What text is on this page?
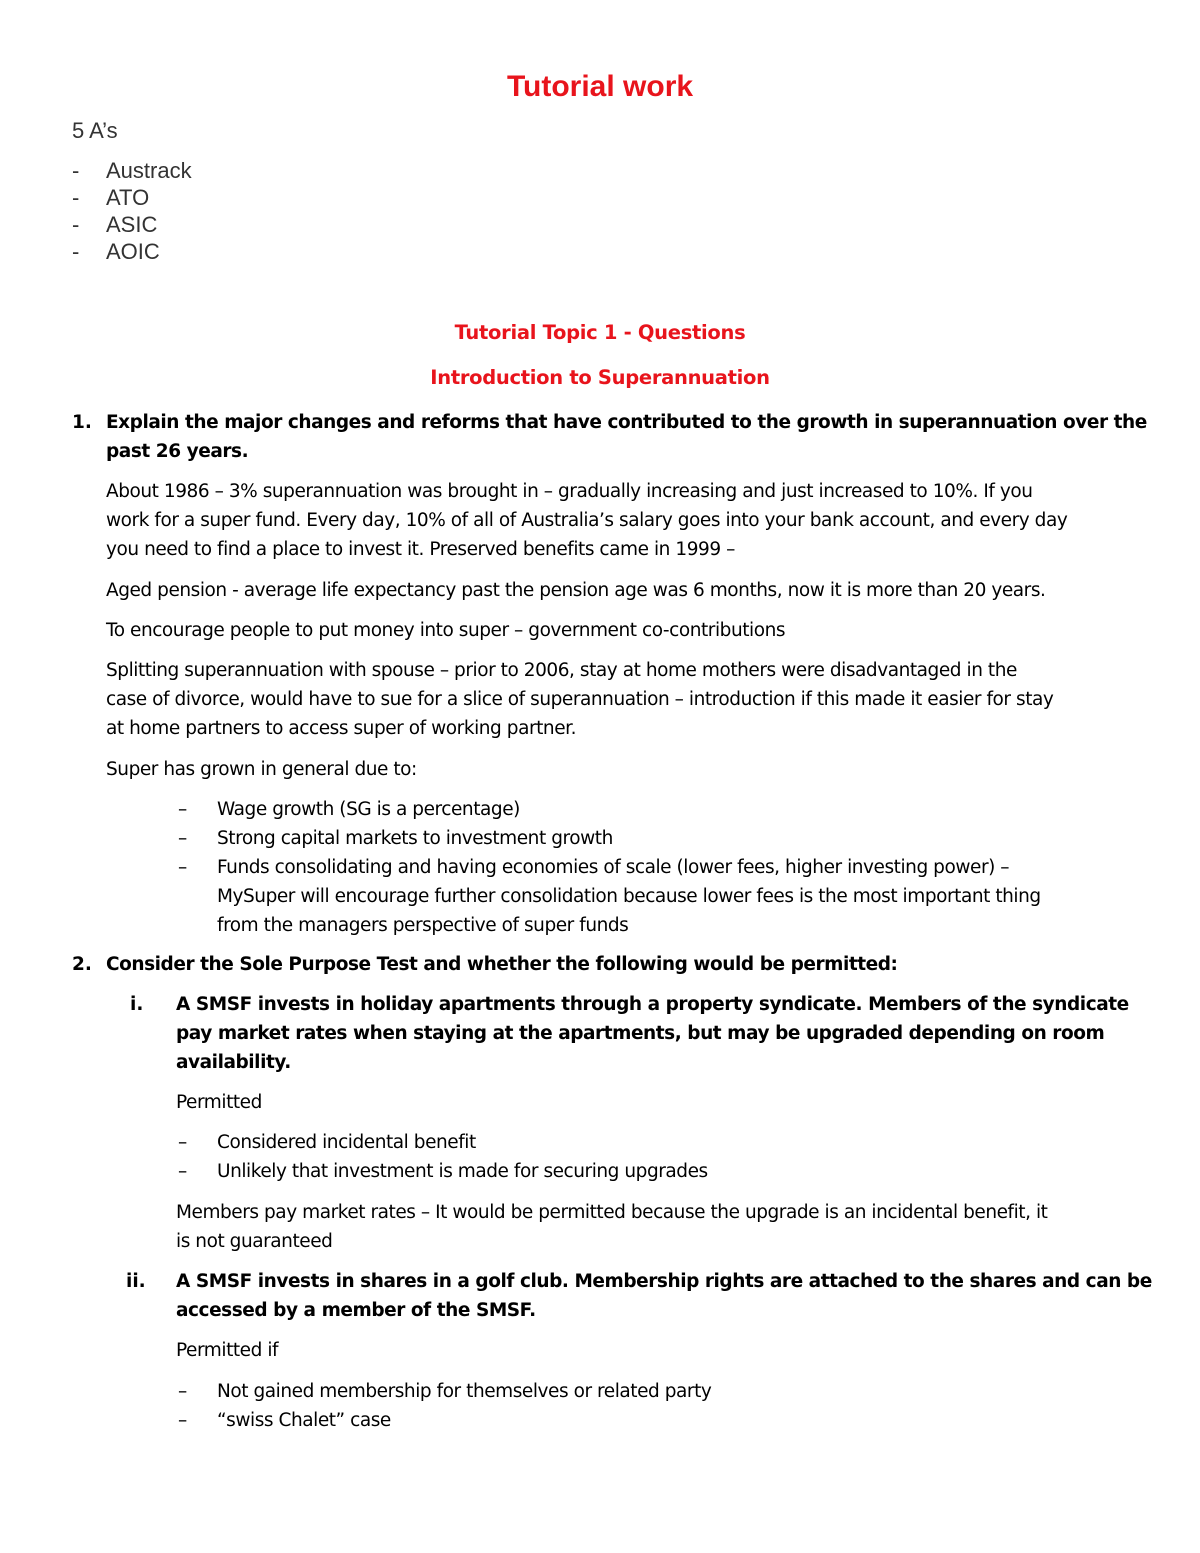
Tutorial work
5 A’s
- Austrack
- ATO
- ASIC
- AOIC
Tutorial Topic 1 - Questions
Introduction to Superannuation
1. Explain the major changes and reforms that have contributed to the growth in superannuation over the
past 26 years.
About 1986 – 3% superannuation was brought in – gradually increasing and just increased to 10%. If you
work for a super fund. Every day, 10% of all of Australia’s salary goes into your bank account, and every day
you need to find a place to invest it. Preserved benefits came in 1999 –
Aged pension - average life expectancy past the pension age was 6 months, now it is more than 20 years.
To encourage people to put money into super – government co-contributions
Splitting superannuation with spouse – prior to 2006, stay at home mothers were disadvantaged in the
case of divorce, would have to sue for a slice of superannuation – introduction if this made it easier for stay
at home partners to access super of working partner.
Super has grown in general due to:
– Wage growth (SG is a percentage)
– Strong capital markets to investment growth
– Funds consolidating and having economies of scale (lower fees, higher investing power) –
MySuper will encourage further consolidation because lower fees is the most important thing
from the managers perspective of super funds
2. Consider the Sole Purpose Test and whether the following would be permitted:
i. A SMSF invests in holiday apartments through a property syndicate. Members of the syndicate
pay market rates when staying at the apartments, but may be upgraded depending on room
availability.
Permitted
– Considered incidental benefit
– Unlikely that investment is made for securing upgrades
Members pay market rates – It would be permitted because the upgrade is an incidental benefit, it
is not guaranteed
ii. A SMSF invests in shares in a golf club. Membership rights are attached to the shares and can be
accessed by a member of the SMSF.
Permitted if
– Not gained membership for themselves or related party
– “swiss Chalet” case
